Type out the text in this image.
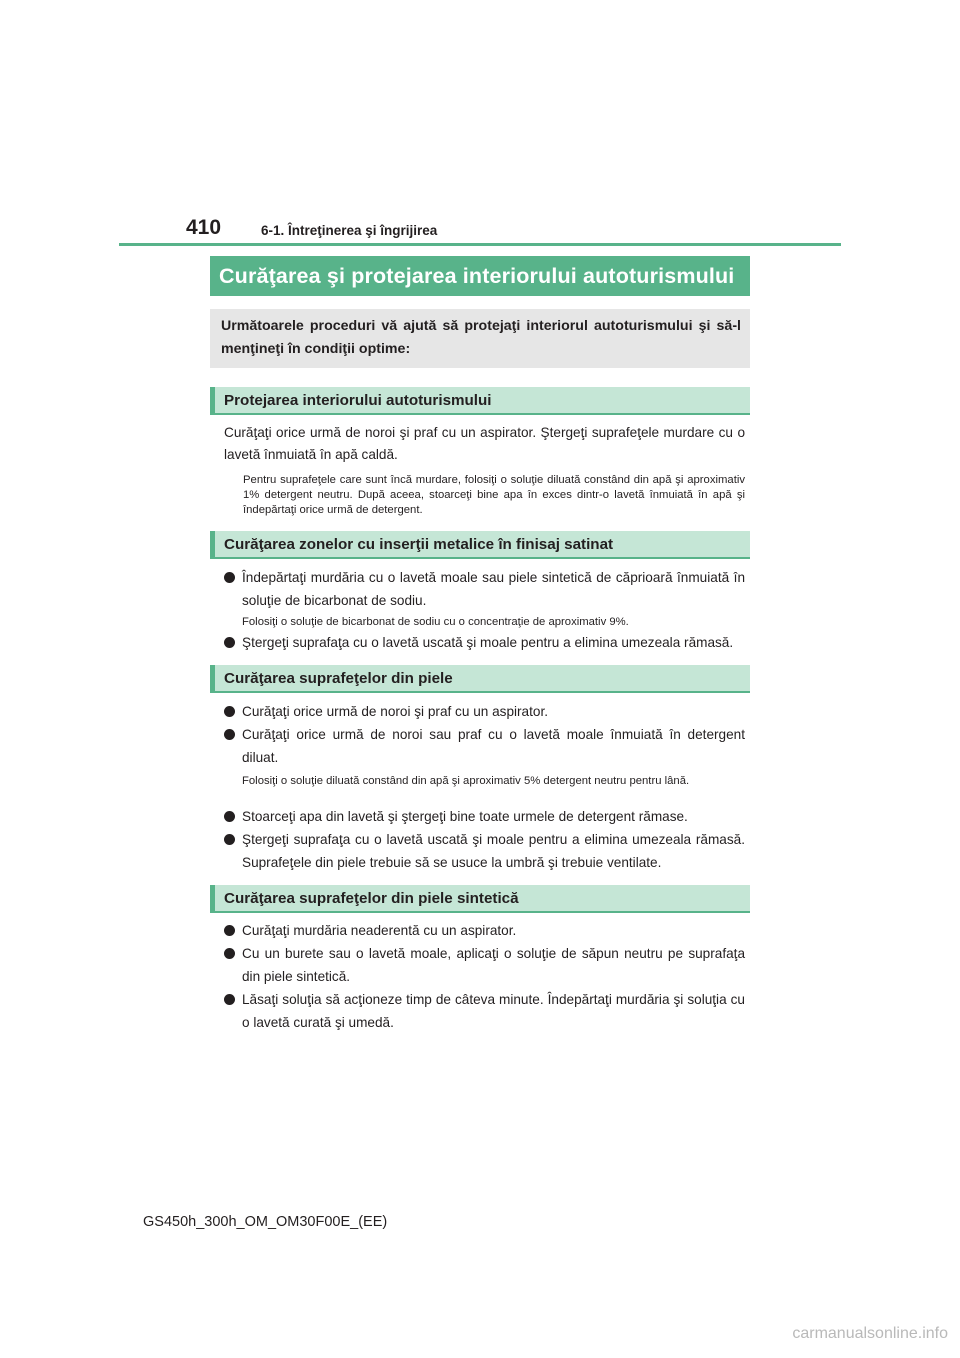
410	6-1. Întreţinerea şi îngrijirea
Curăţarea şi protejarea interiorului autoturismului
Următoarele proceduri vă ajută să protejaţi interiorul autoturismului şi să-l menţineţi în condiţii optime:
Protejarea interiorului autoturismului
Curăţaţi orice urmă de noroi şi praf cu un aspirator. Ştergeţi suprafeţele murdare cu o lavetă înmuiată în apă caldă.
Pentru suprafeţele care sunt încă murdare, folosiţi o soluţie diluată constând din apă şi aproximativ 1% detergent neutru. După aceea, stoarceţi bine apa în exces dintr-o lavetă înmuiată în apă şi îndepărtaţi orice urmă de detergent.
Curăţarea zonelor cu inserţii metalice în finisaj satinat
Îndepărtaţi murdăria cu o lavetă moale sau piele sintetică de căprioară înmuiată în soluţie de bicarbonat de sodiu.
Folosiţi o soluţie de bicarbonat de sodiu cu o concentraţie de aproximativ 9%.
Ştergeţi suprafaţa cu o lavetă uscată şi moale pentru a elimina umezeala rămasă.
Curăţarea suprafeţelor din piele
Curăţaţi orice urmă de noroi şi praf cu un aspirator.
Curăţaţi orice urmă de noroi sau praf cu o lavetă moale înmuiată în detergent diluat.
Folosiţi o soluţie diluată constând din apă şi aproximativ 5% detergent neutru pentru lână.
Stoarceţi apa din lavetă şi ştergeţi bine toate urmele de detergent rămase.
Ştergeţi suprafaţa cu o lavetă uscată şi moale pentru a elimina umezeala rămasă. Suprafeţele din piele trebuie să se usuce la umbră şi trebuie ventilate.
Curăţarea suprafeţelor din piele sintetică
Curăţaţi murdăria neaderentă cu un aspirator.
Cu un burete sau o lavetă moale, aplicaţi o soluţie de săpun neutru pe suprafaţa din piele sintetică.
Lăsaţi soluţia să acţioneze timp de câteva minute. Îndepărtaţi murdăria şi soluţia cu o lavetă curată şi umedă.
GS450h_300h_OM_OM30F00E_(EE)
carmanualsonline.info
